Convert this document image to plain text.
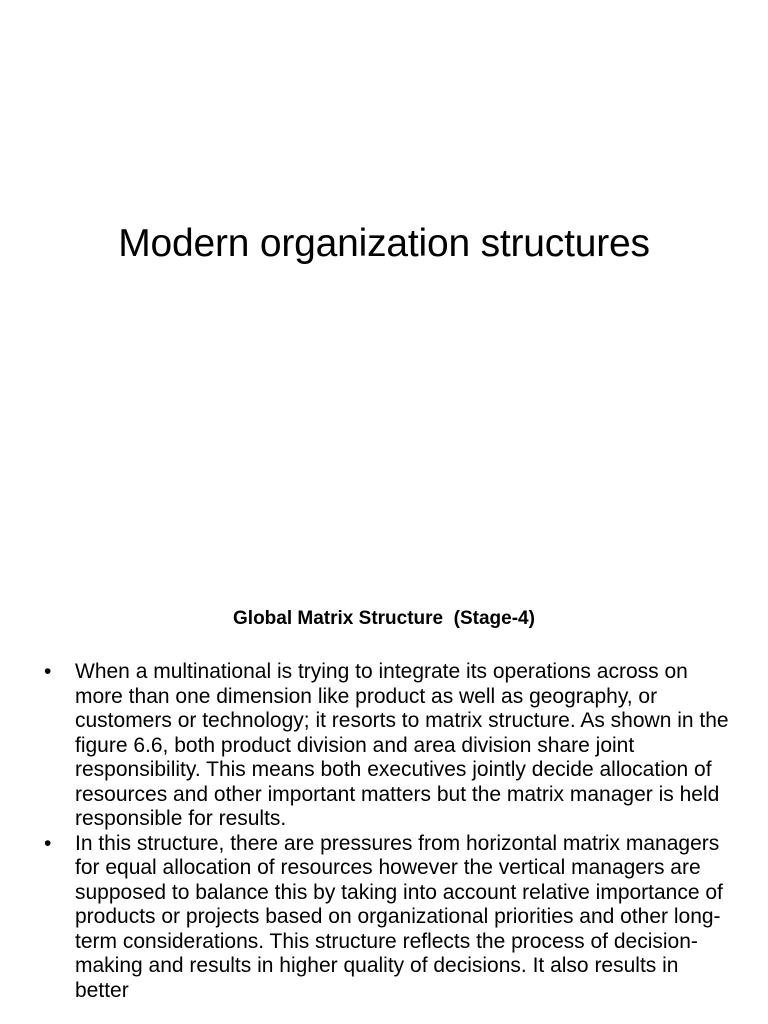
Modern organization structures
Global Matrix Structure  (Stage-4)
• When a multinational is trying to integrate its operations across on more than one dimension like product as well as geography, or customers or technology; it resorts to matrix structure. As shown in the figure 6.6, both product division and area division share joint responsibility. This means both executives jointly decide allocation of resources and other important matters but the matrix manager is held responsible for results.
• In this structure, there are pressures from horizontal matrix managers for equal allocation of resources however the vertical managers are supposed to balance this by taking into account relative importance of products or projects based on organizational priorities and other long-term considerations. This structure reflects the process of decision-making and results in higher quality of decisions. It also results in better
